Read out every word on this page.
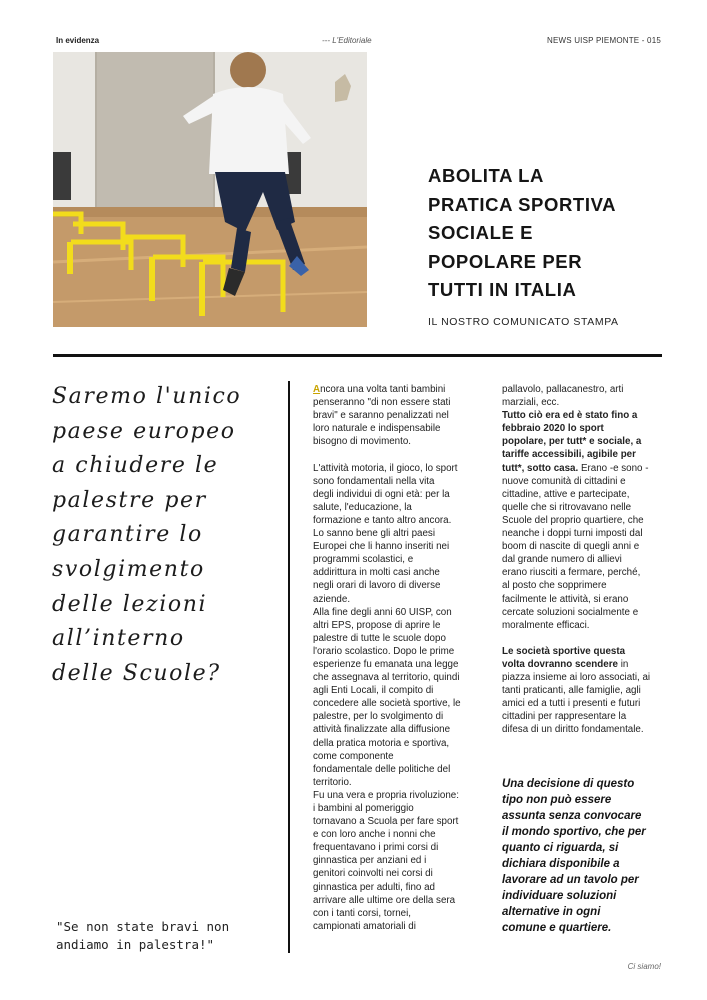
In evidenza	--- L'Editoriale	NEWS UISP PIEMONTE - 015
ABOLITA LA
PRATICA SPORTIVA
SOCIALE E
POPOLARE PER
TUTTI IN ITALIA
IL NOSTRO COMUNICATO STAMPA
Saremo l'unico
paese europeo
a chiudere le
palestre per
garantire lo
svolgimento
delle lezioni
all’interno
delle Scuole?
"Se non state bravi non
andiamo in palestra!"
Ancora una volta tanti bambini
penseranno "di non essere stati
bravi" e saranno penalizzati nel
loro naturale e indispensabile
bisogno di movimento.
L'attività motoria, il gioco, lo sport
sono fondamentali nella vita
degli individui di ogni età: per la
salute, l'educazione, la
formazione e tanto altro ancora.
Lo sanno bene gli altri paesi
Europei che li hanno inseriti nei
programmi scolastici, e
addirittura in molti casi anche
negli orari di lavoro di diverse
aziende.
Alla fine degli anni 60 UISP, con
altri EPS, propose di aprire le
palestre di tutte le scuole dopo
l'orario scolastico. Dopo le prime
esperienze fu emanata una legge
che assegnava al territorio, quindi
agli Enti Locali, il compito di
concedere alle società sportive, le
palestre, per lo svolgimento di
attività finalizzate alla diffusione
della pratica motoria e sportiva,
come componente
fondamentale delle politiche del
territorio.
Fu una vera e propria rivoluzione:
i bambini al pomeriggio
tornavano a Scuola per fare sport
e con loro anche i nonni che
frequentavano i primi corsi di
ginnastica per anziani ed i
genitori coinvolti nei corsi di
ginnastica per adulti, fino ad
arrivare alle ultime ore della sera
con i tanti corsi, tornei,
campionati amatoriali di
pallavolo, pallacanestro, arti
marziali, ecc.
Tutto ciò era ed è stato fino a
febbraio 2020 lo sport
popolare, per tutt* e sociale, a
tariffe accessibili, agibile per
tutt*, sotto casa. Erano -e sono -
nuove comunità di cittadini e
cittadine, attive e partecipate,
quelle che si ritrovavano nelle
Scuole del proprio quartiere, che
neanche i doppi turni imposti dal
boom di nascite di quegli anni e
dal grande numero di allievi
erano riusciti a fermare, perché,
al posto che sopprimere
facilmente le attività, si erano
cercate soluzioni socialmente e
moralmente efficaci.
Le società sportive questa
volta dovranno scendere in
piazza insieme ai loro associati, ai
tanti praticanti, alle famiglie, agli
amici ed a tutti i presenti e futuri
cittadini per rappresentare la
difesa di un diritto fondamentale.
Una decisione di questo
tipo non può essere
assunta senza convocare
il mondo sportivo, che per
quanto ci riguarda, si
dichiara disponibile a
lavorare ad un tavolo per
individuare soluzioni
alternative in ogni
comune e quartiere.
Ci siamo!
